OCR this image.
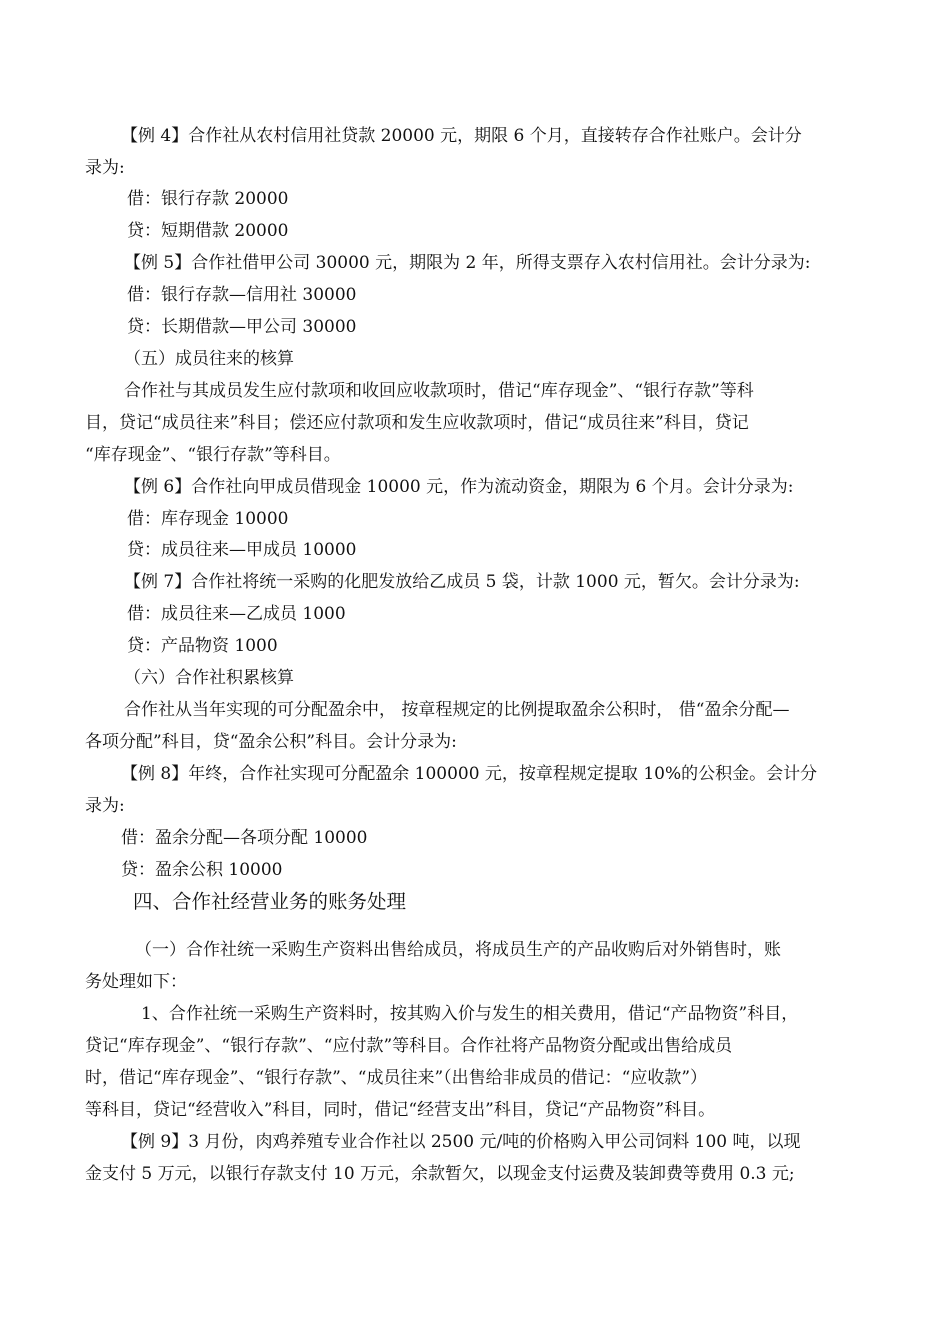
【例 4】合作社从农村信用社贷款 20000 元，期限 6 个月，直接转存合作社账户。会计分
录为:
借：银行存款 20000
贷：短期借款 20000
【例 5】合作社借甲公司 30000 元，期限为 2 年，所得支票存入农村信用社。会计分录为:
借：银行存款—信用社 30000
贷：长期借款—甲公司 30000
（五）成员往来的核算
合作社与其成员发生应付款项和收回应收款项时，借记“库存现金”、“银行存款”等科
目，贷记“成员往来”科目；偿还应付款项和发生应收款项时，借记“成员往来”科目，贷记
“库存现金”、“银行存款”等科目。
【例 6】合作社向甲成员借现金 10000 元，作为流动资金，期限为 6 个月。会计分录为:
借：库存现金 10000
贷：成员往来—甲成员 10000
【例 7】合作社将统一采购的化肥发放给乙成员 5 袋，计款 1000 元，暂欠。会计分录为:
借：成员往来—乙成员 1000
贷：产品物资 1000
（六）合作社积累核算
合作社从当年实现的可分配盈余中， 按章程规定的比例提取盈余公积时， 借“盈余分配—
各项分配”科目，贷“盈余公积”科目。会计分录为:
【例 8】年终，合作社实现可分配盈余 100000 元，按章程规定提取 10%的公积金。会计分
录为:
借：盈余分配—各项分配 10000
贷：盈余公积 10000
四、合作社经营业务的账务处理
（一）合作社统一采购生产资料出售给成员，将成员生产的产品收购后对外销售时，账
务处理如下：
1、合作社统一采购生产资料时，按其购入价与发生的相关费用，借记“产品物资”科目，
贷记“库存现金”、“银行存款”、“应付款”等科目。合作社将产品物资分配或出售给成员
时，借记“库存现金”、“银行存款”、“成员往来”（出售给非成员的借记：“应收款”）
等科目，贷记“经营收入”科目，同时，借记“经营支出”科目，贷记“产品物资”科目。
【例 9】3 月份，肉鸡养殖专业合作社以 2500 元/吨的价格购入甲公司饲料 100 吨，以现
金支付 5 万元，以银行存款支付 10 万元，余款暂欠，以现金支付运费及装卸费等费用 0.3 元;
